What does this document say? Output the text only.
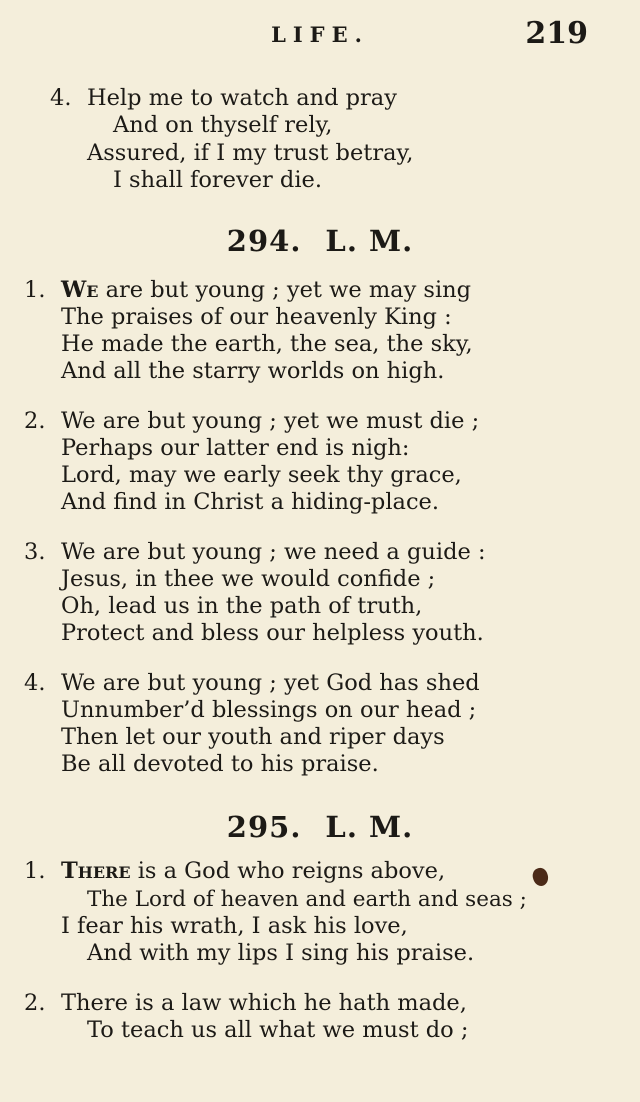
LIFE.	219
4. Help me to watch and pray
And on thyself rely,
Assured, if I my trust betray,
I shall forever die.
294. L. M.
1. We are but young ; yet we may sing
The praises of our heavenly King :
He made the earth, the sea, the sky,
And all the starry worlds on high.
2. We are but young ; yet we must die ;
Perhaps our latter end is nigh:
Lord, may we early seek thy grace,
And find in Christ a hiding-place.
3. We are but young ; we need a guide :
Jesus, in thee we would confide ;
Oh, lead us in the path of truth,
Protect and bless our helpless youth.
4. We are but young ; yet God has shed
Unnumber’d blessings on our head ;
Then let our youth and riper days
Be all devoted to his praise.
295. L. M.
1. There is a God who reigns above,
The Lord of heaven and earth and seas ;
I fear his wrath, I ask his love,
And with my lips I sing his praise.
2. There is a law which he hath made,
To teach us all what we must do ;
